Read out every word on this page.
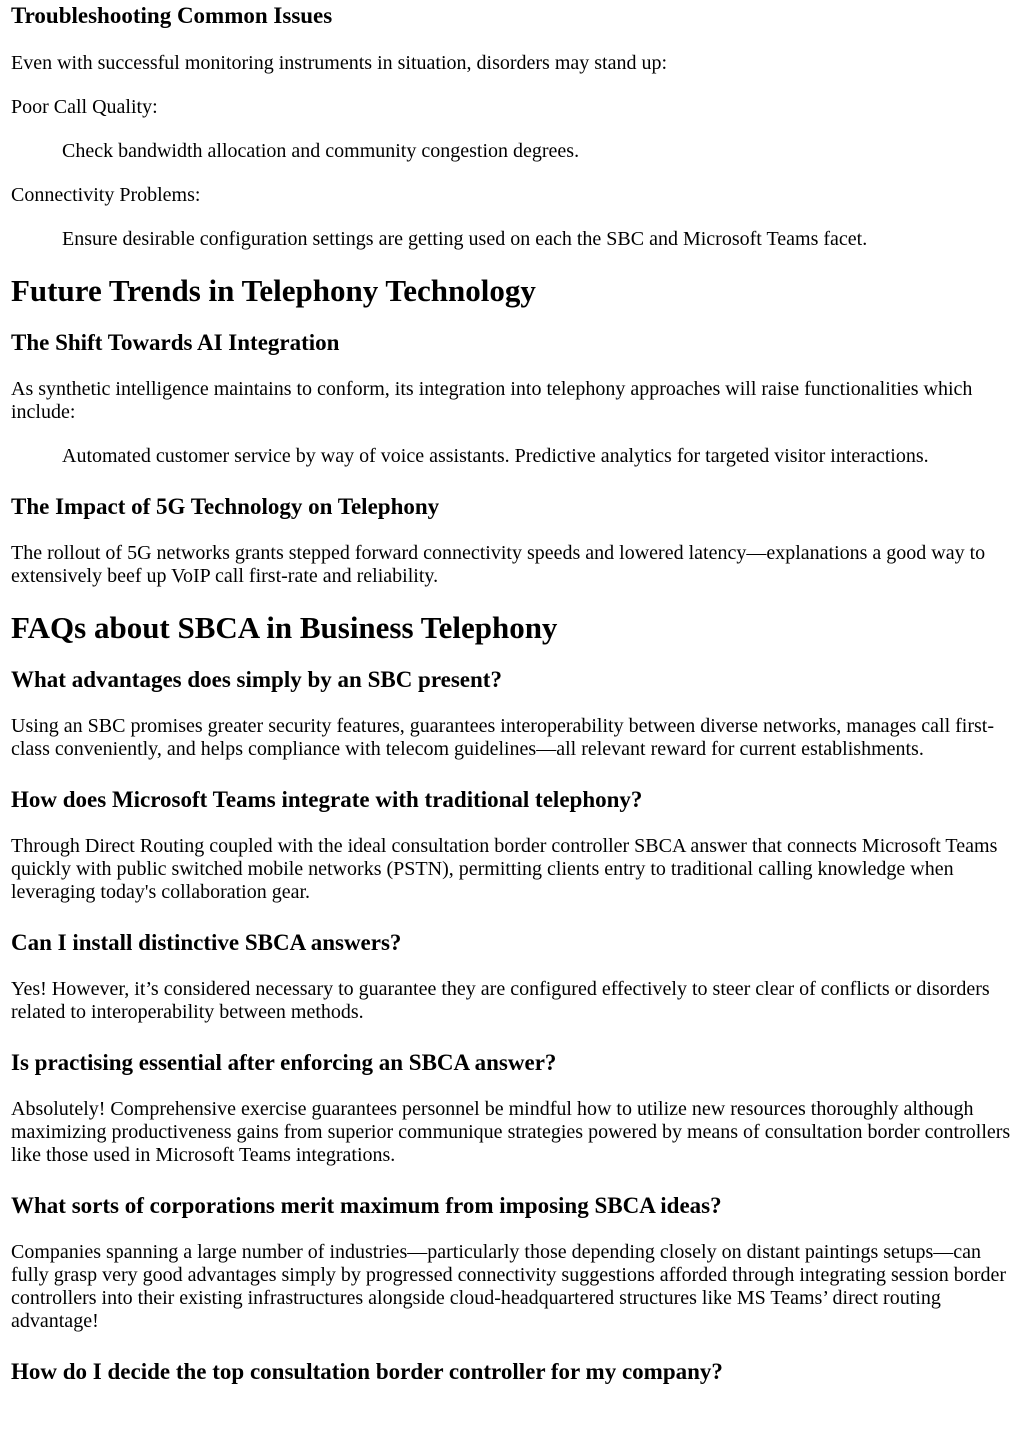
Troubleshooting Common Issues

Even with successful monitoring instruments in situation, disorders may stand up:

Poor Call Quality:

Check bandwidth allocation and community congestion degrees.

Connectivity Problems:

Ensure desirable configuration settings are getting used on each the SBC and Microsoft Teams facet.

Future Trends in Telephony Technology
The Shift Towards AI Integration

As synthetic intelligence maintains to conform, its integration into telephony approaches will raise functionalities which include:

Automated customer service by way of voice assistants. Predictive analytics for targeted visitor interactions.

The Impact of 5G Technology on Telephony

The rollout of 5G networks grants stepped forward connectivity speeds and lowered latency—explanations a good way to extensively beef up VoIP call first-rate and reliability.

FAQs about SBCA in Business Telephony
What advantages does simply by an SBC present?

Using an SBC promises greater security features, guarantees interoperability between diverse networks, manages call first-class conveniently, and helps compliance with telecom guidelines—all relevant reward for current establishments.

How does Microsoft Teams integrate with traditional telephony?

Through Direct Routing coupled with the ideal consultation border controller SBCA answer that connects Microsoft Teams quickly with public switched mobile networks (PSTN), permitting clients entry to traditional calling knowledge when leveraging today's collaboration gear.

Can I install distinctive SBCA answers?

Yes! However, it’s considered necessary to guarantee they are configured effectively to steer clear of conflicts or disorders related to interoperability between methods.

Is practising essential after enforcing an SBCA answer?

Absolutely! Comprehensive exercise guarantees personnel be mindful how to utilize new resources thoroughly although maximizing productiveness gains from superior communique strategies powered by means of consultation border controllers like those used in Microsoft Teams integrations.

What sorts of corporations merit maximum from imposing SBCA ideas?

Companies spanning a large number of industries—particularly those depending closely on distant paintings setups—can fully grasp very good advantages simply by progressed connectivity suggestions afforded through integrating session border controllers into their existing infrastructures alongside cloud-headquartered structures like MS Teams’ direct routing advantage!

How do I decide the top consultation border controller for my company?
